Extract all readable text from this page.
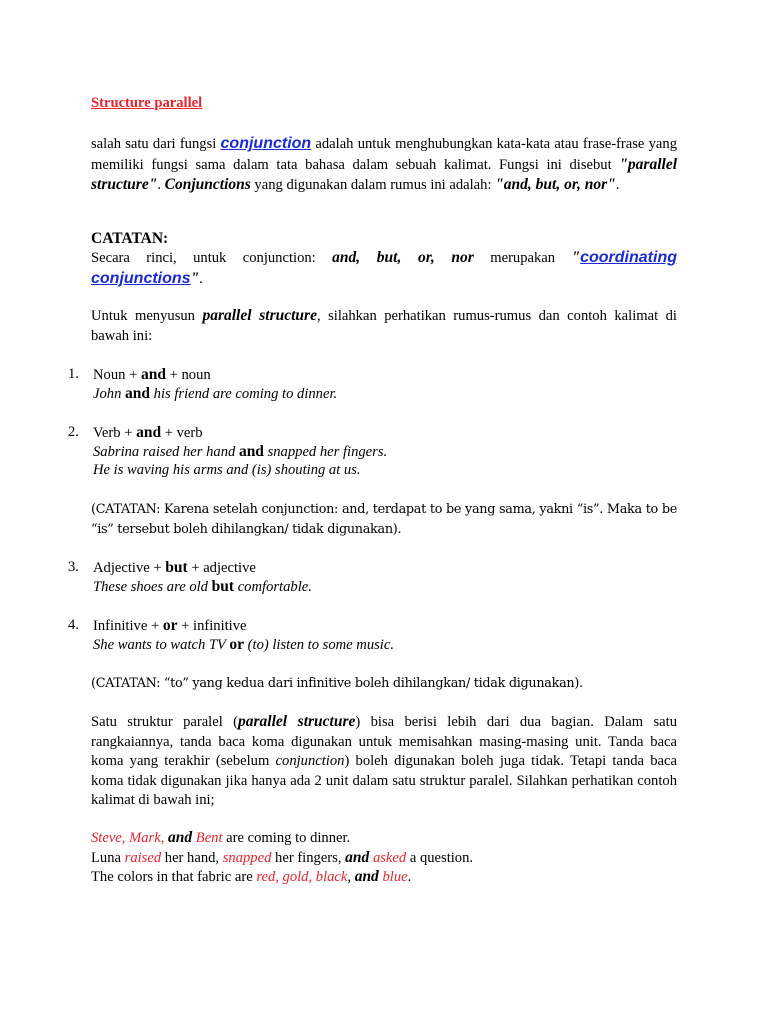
Structure parallel

salah satu dari fungsi conjunction adalah untuk menghubungkan kata-kata atau frase-frase yang memiliki fungsi sama dalam tata bahasa dalam sebuah kalimat. Fungsi ini disebut "parallel structure". Conjunctions yang digunakan dalam rumus ini adalah: "and, but, or, nor".

CATATAN:

Secara rinci, untuk conjunction: and, but, or, nor merupakan "coordinating conjunctions".

Untuk menyusun parallel structure, silahkan perhatikan rumus-rumus dan contoh kalimat di bawah ini:

1. Noun + and + noun

John and his friend are coming to dinner.

2. Verb + and + verb

Sabrina raised her hand and snapped her fingers.

He is waving his arms and (is) shouting at us.

(CATATAN: Karena setelah conjunction: and, terdapat to be yang sama, yakni “is”. Maka to be “is” tersebut boleh dihilangkan/ tidak digunakan).

3. Adjective + but + adjective

These shoes are old but comfortable.

4. Infinitive + or + infinitive

She wants to watch TV or (to) listen to some music.

(CATATAN: “to” yang kedua dari infinitive boleh dihilangkan/ tidak digunakan).

Satu struktur paralel (parallel structure) bisa berisi lebih dari dua bagian. Dalam satu rangkaiannya, tanda baca koma digunakan untuk memisahkan masing-masing unit. Tanda baca koma yang terakhir (sebelum conjunction) boleh digunakan boleh juga tidak. Tetapi tanda baca koma tidak digunakan jika hanya ada 2 unit dalam satu struktur paralel. Silahkan perhatikan contoh kalimat di bawah ini;

Steve, Mark, and Bent are coming to dinner.

Luna raised her hand, snapped her fingers, and asked a question.

The colors in that fabric are red, gold, black, and blue.
